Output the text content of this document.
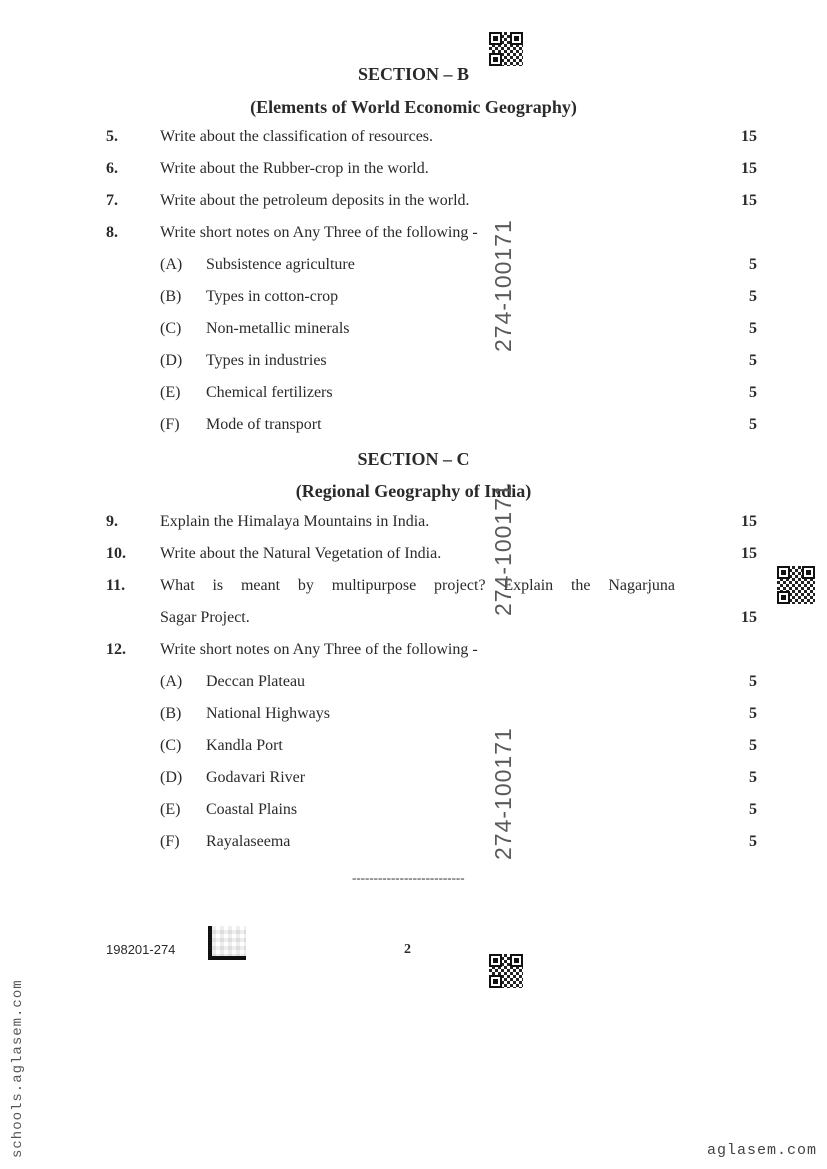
SECTION – B
(Elements of World Economic Geography)
5.	Write about the classification of resources.	15
6.	Write about the Rubber-crop in the world.	15
7.	Write about the petroleum deposits in the world.	15
8.	Write short notes on Any Three of the following -
(A) Subsistence agriculture	5
(B) Types in cotton-crop	5
(C) Non-metallic minerals	5
(D) Types in industries	5
(E) Chemical fertilizers	5
(F) Mode of transport	5
SECTION – C
(Regional Geography of India)
9.	Explain the Himalaya Mountains in India.	15
10. Write about the Natural Vegetation of India.	15
11. What is meant by multipurpose project? Explain the Nagarjuna
Sagar Project.	15
12. Write short notes on Any Three of the following -
(A) Deccan Plateau	5
(B) National Highways	5
(C) Kandla Port	5
(D) Godavari River	5
(E) Coastal Plains	5
(F) Rayalaseema	5
274-100171
274-100171
274-100171
--------------------------
198201-274	2
schools.aglasem.com	aglasem.com
